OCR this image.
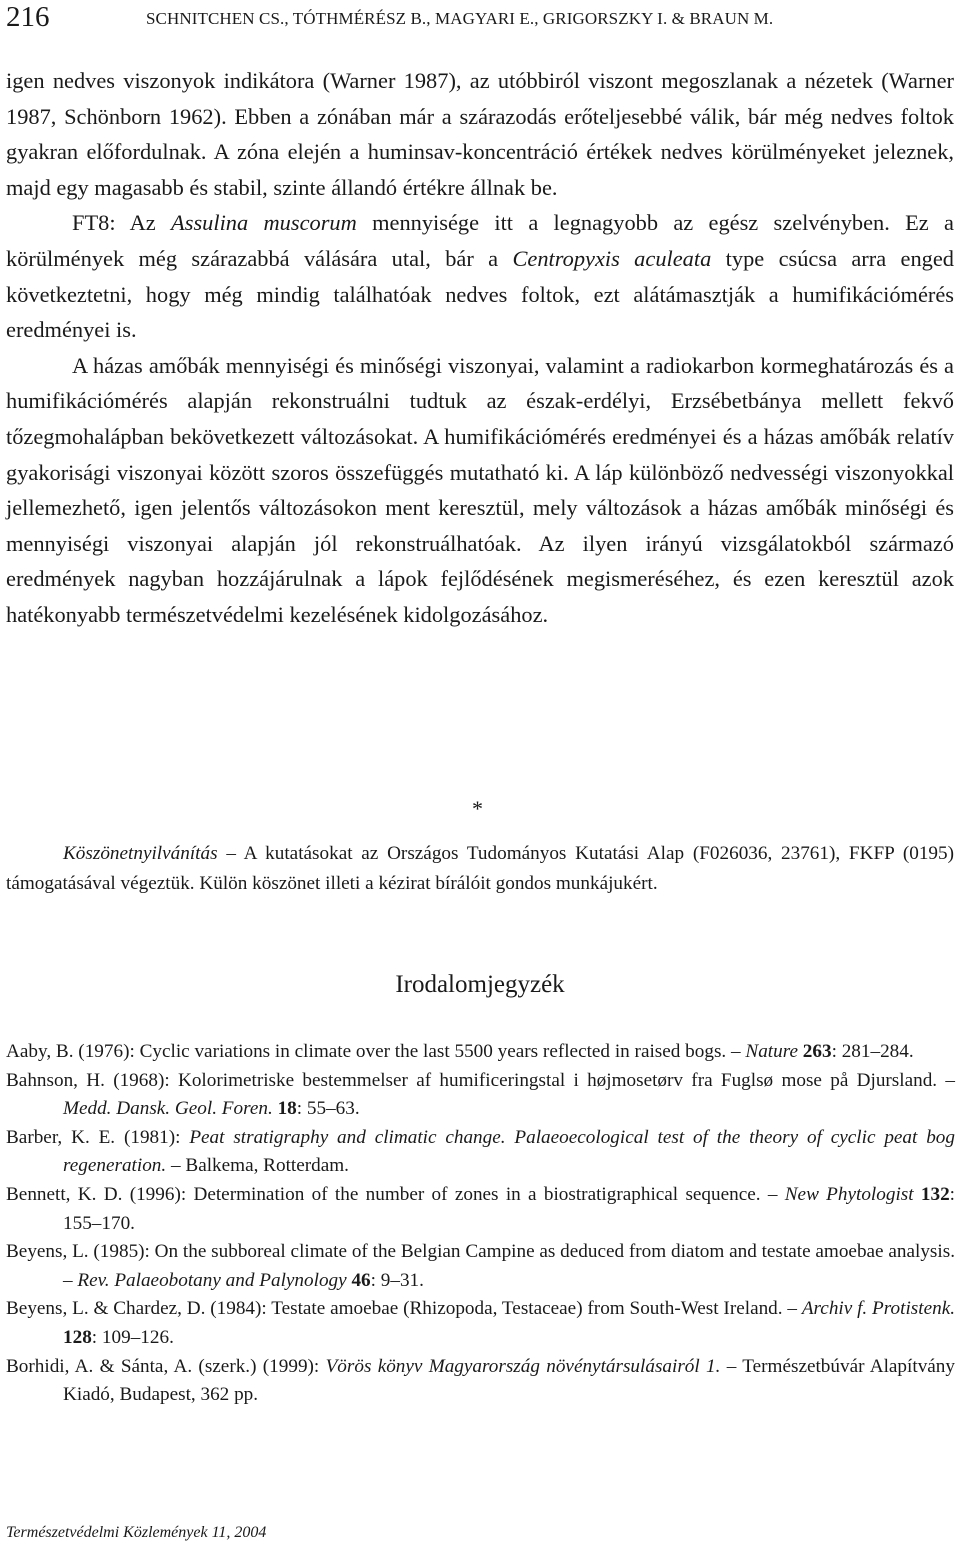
216	SCHNITCHEN CS., TÓTHMÉRÉSZ B., MAGYARI E., GRIGORSZKY I. & BRAUN M.

igen nedves viszonyok indikátora (Warner 1987), az utóbbiról viszont megoszlanak a nézetek (Warner 1987, Schönborn 1962). Ebben a zónában már a szárazodás erőteljesebbé válik, bár még nedves foltok gyakran előfordulnak. A zóna elején a huminsav-koncentráció értékek nedves körülményeket jeleznek, majd egy magasabb és stabil, szinte állandó értékre állnak be.

FT8: Az Assulina muscorum mennyisége itt a legnagyobb az egész szelvényben. Ez a körülmények még szárazabbá válására utal, bár a Centropyxis aculeata type csúcsa arra enged következtetni, hogy még mindig találhatóak nedves foltok, ezt alátámasztják a humifikációmérés eredményei is.

A házas amőbák mennyiségi és minőségi viszonyai, valamint a radiokarbon kormeghatározás és a humifikációmérés alapján rekonstruálni tudtuk az észak-erdélyi, Erzsébetbánya mellett fekvő tőzegmohalápban bekövetkezett változásokat. A humifikációmérés eredményei és a házas amőbák relatív gyakorisági viszonyai között szoros összefüggés mutatható ki. A láp különböző nedvességi viszonyokkal jellemezhető, igen jelentős változásokon ment keresztül, mely változások a házas amőbák minőségi és mennyiségi viszonyai alapján jól rekonstruálhatóak. Az ilyen irányú vizsgálatokból származó eredmények nagyban hozzájárulnak a lápok fejlődésének megismeréséhez, és ezen keresztül azok hatékonyabb természetvédelmi kezelésének kidolgozásához.

*
Köszönetnyilvánítás – A kutatásokat az Országos Tudományos Kutatási Alap (F026036, 23761), FKFP (0195) támogatásával végeztük. Külön köszönet illeti a kézirat bírálóit gondos munkájukért.
Irodalomjegyzék
Aaby, B. (1976): Cyclic variations in climate over the last 5500 years reflected in raised bogs. – Nature 263: 281–284.
Bahnson, H. (1968): Kolorimetriske bestemmelser af humificeringstal i højmosetørv fra Fuglsø mose på Djursland. – Medd. Dansk. Geol. Foren. 18: 55–63.
Barber, K. E. (1981): Peat stratigraphy and climatic change. Palaeoecological test of the theory of cyclic peat bog regeneration. – Balkema, Rotterdam.
Bennett, K. D. (1996): Determination of the number of zones in a biostratigraphical sequence. – New Phytologist 132: 155–170.
Beyens, L. (1985): On the subboreal climate of the Belgian Campine as deduced from diatom and testate amoebae analysis. – Rev. Palaeobotany and Palynology 46: 9–31.
Beyens, L. & Chardez, D. (1984): Testate amoebae (Rhizopoda, Testaceae) from South-West Ireland. – Archiv f. Protistenk. 128: 109–126.
Borhidi, A. & Sánta, A. (szerk.) (1999): Vörös könyv Magyarország növénytársulásairól 1. – Természetbúvár Alapítvány Kiadó, Budapest, 362 pp.
Természetvédelmi Közlemények 11, 2004
